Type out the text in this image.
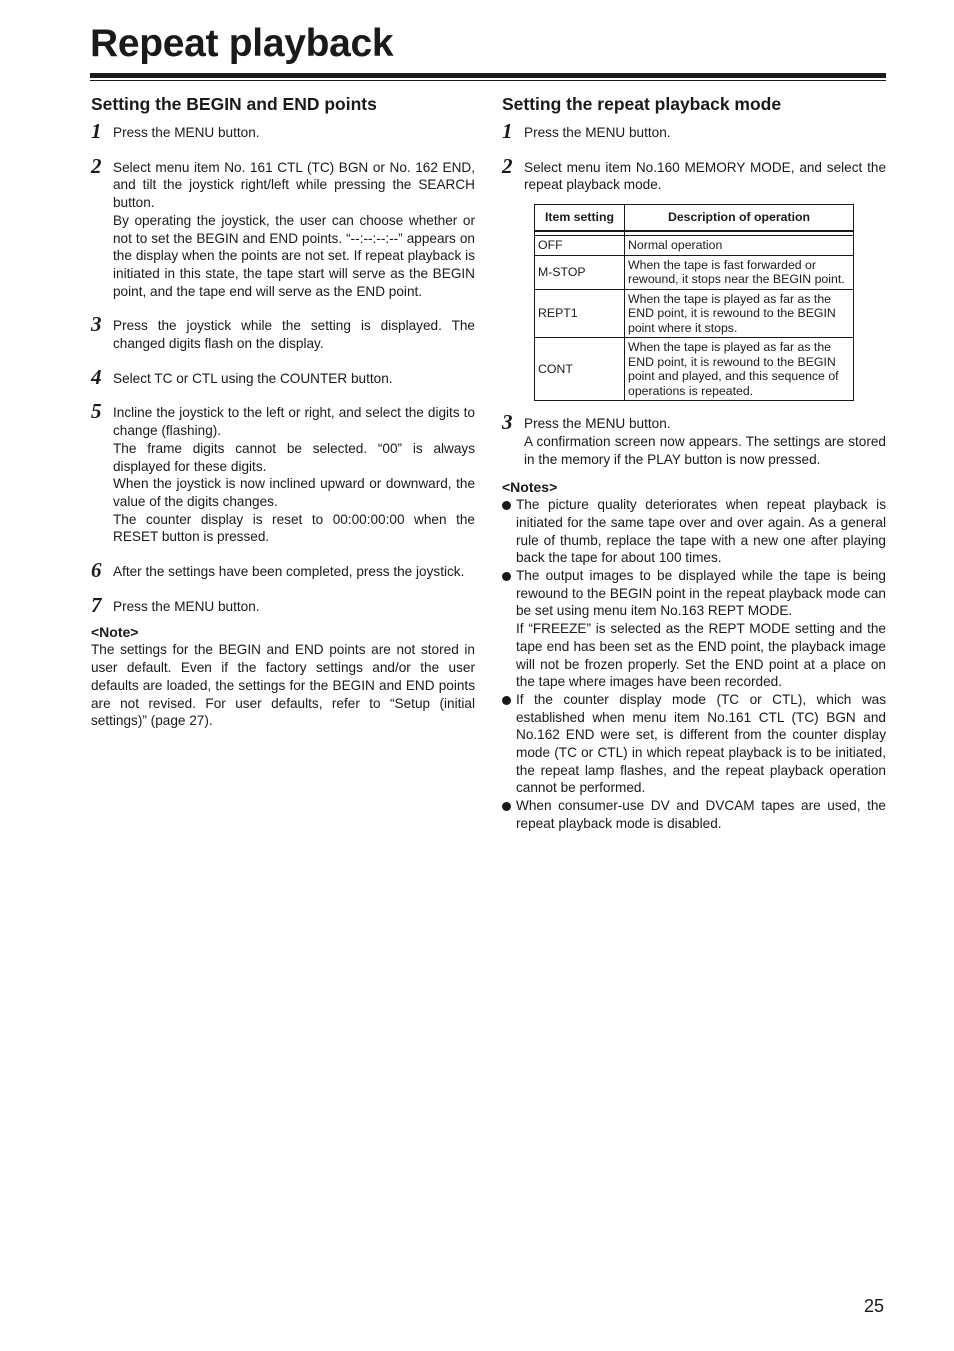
Repeat playback
Setting the BEGIN and END points
1 Press the MENU button.

2 Select menu item No. 161 CTL (TC) BGN or No. 162 END, and tilt the joystick right/left while pressing the SEARCH button.

By operating the joystick, the user can choose whether or not to set the BEGIN and END points. “--:--:--:--” appears on the display when the points are not set. If repeat playback is initiated in this state, the tape start will serve as the BEGIN point, and the tape end will serve as the END point.

3 Press the joystick while the setting is displayed. The changed digits flash on the display.

4 Select TC or CTL using the COUNTER button.

5 Incline the joystick to the left or right, and select the digits to change (flashing).

The frame digits cannot be selected. “00” is always displayed for these digits.

When the joystick is now inclined upward or downward, the value of the digits changes.

The counter display is reset to 00:00:00:00 when the RESET button is pressed.

6 After the settings have been completed, press the joystick.

7 Press the MENU button.

<Note>

The settings for the BEGIN and END points are not stored in user default. Even if the factory settings and/or the user defaults are loaded, the settings for the BEGIN and END points are not revised. For user defaults, refer to “Setup (initial settings)” (page 27).

Setting the repeat playback mode
1 Press the MENU button.

2 Select menu item No.160 MEMORY MODE, and select the repeat playback mode.

Item setting	Description of operation

OFF	Normal operation
M-STOP	When the tape is fast forwarded or rewound, it stops near the BEGIN point.
REPT1	When the tape is played as far as the END point, it is rewound to the BEGIN point where it stops.
CONT	When the tape is played as far as the END point, it is rewound to the BEGIN point and played, and this sequence of operations is repeated.
3 Press the MENU button.

A confirmation screen now appears. The settings are stored in the memory if the PLAY button is now pressed.

<Notes>

The picture quality deteriorates when repeat playback is initiated for the same tape over and over again. As a general rule of thumb, replace the tape with a new one after playing back the tape for about 100 times.

The output images to be displayed while the tape is being rewound to the BEGIN point in the repeat playback mode can be set using menu item No.163 REPT MODE.

If “FREEZE” is selected as the REPT MODE setting and the tape end has been set as the END point, the playback image will not be frozen properly. Set the END point at a place on the tape where images have been recorded.

If the counter display mode (TC or CTL), which was established when menu item No.161 CTL (TC) BGN and No.162 END were set, is different from the counter display mode (TC or CTL) in which repeat playback is to be initiated, the repeat lamp flashes, and the repeat playback operation cannot be performed.

When consumer-use DV and DVCAM tapes are used, the repeat playback mode is disabled.

25
